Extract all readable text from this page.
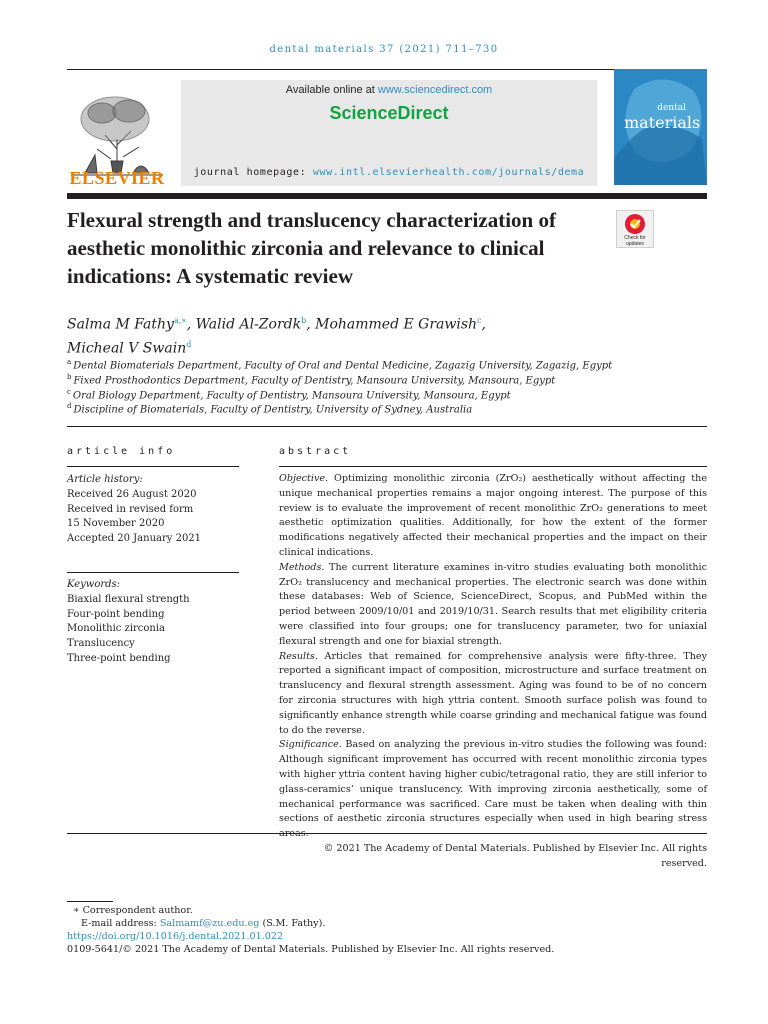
dental materials 37 (2021) 711–730
ELSEVIER
Available online at www.sciencedirect.com
ScienceDirect
journal homepage: www.intl.elsevierhealth.com/journals/dema
dental
materials
Flexural strength and translucency characterization of aesthetic monolithic zirconia and relevance to clinical indications: A systematic review
Check for updates
Salma M Fathy$^{a,∗}$, Walid Al-Zordk$^b$, Mohammed E Grawish$^c$,
Micheal V Swain$^d$
$^a$ Dental Biomaterials Department, Faculty of Oral and Dental Medicine, Zagazig University, Zagazig, Egypt
$^b$ Fixed Prosthodontics Department, Faculty of Dentistry, Mansoura University, Mansoura, Egypt
$^c$ Oral Biology Department, Faculty of Dentistry, Mansoura University, Mansoura, Egypt
$^d$ Discipline of Biomaterials, Faculty of Dentistry, University of Sydney, Australia
article info
Article history:
Received 26 August 2020
Received in revised form
15 November 2020
Accepted 20 January 2021
Keywords:
Biaxial flexural strength
Four-point bending
Monolithic zirconia
Translucency
Three-point bending
abstract

Objective. Optimizing monolithic zirconia (ZrO₂) aesthetically without affecting the unique mechanical properties remains a major ongoing interest. The purpose of this review is to evaluate the improvement of recent monolithic ZrO₂ generations to meet aesthetic optimization qualities. Additionally, for how the extent of the former modifications negatively affected their mechanical properties and the impact on their clinical indications.

Methods. The current literature examines in-vitro studies evaluating both monolithic ZrO₂ translucency and mechanical properties. The electronic search was done within these databases: Web of Science, ScienceDirect, Scopus, and PubMed within the period between 2009/10/01 and 2019/10/31. Search results that met eligibility criteria were classified into four groups; one for translucency parameter, two for uniaxial flexural strength and one for biaxial strength.

Results. Articles that remained for comprehensive analysis were fifty-three. They reported a significant impact of composition, microstructure and surface treatment on translucency and flexural strength assessment. Aging was found to be of no concern for zirconia structures with high yttria content. Smooth surface polish was found to significantly enhance strength while coarse grinding and mechanical fatigue was found to do the reverse.

Significance. Based on analyzing the previous in-vitro studies the following was found: Although significant improvement has occurred with recent monolithic zirconia types with higher yttria content having higher cubic/tetragonal ratio, they are still inferior to glass-ceramics’ unique translucency. With improving zirconia aesthetically, some of mechanical performance was sacrificed. Care must be taken when dealing with thin sections of aesthetic zirconia structures especially when used in high bearing stress

© 2021 The Academy of Dental Materials. Published by Elsevier Inc. All rights reserved.

∗ Correspondent author.
E-mail address: Salmamf@zu.edu.eg (S.M. Fathy).
https://doi.org/10.1016/j.dental.2021.01.022
0109-5641/© 2021 The Academy of Dental Materials. Published by Elsevier Inc. All rights reserved.
